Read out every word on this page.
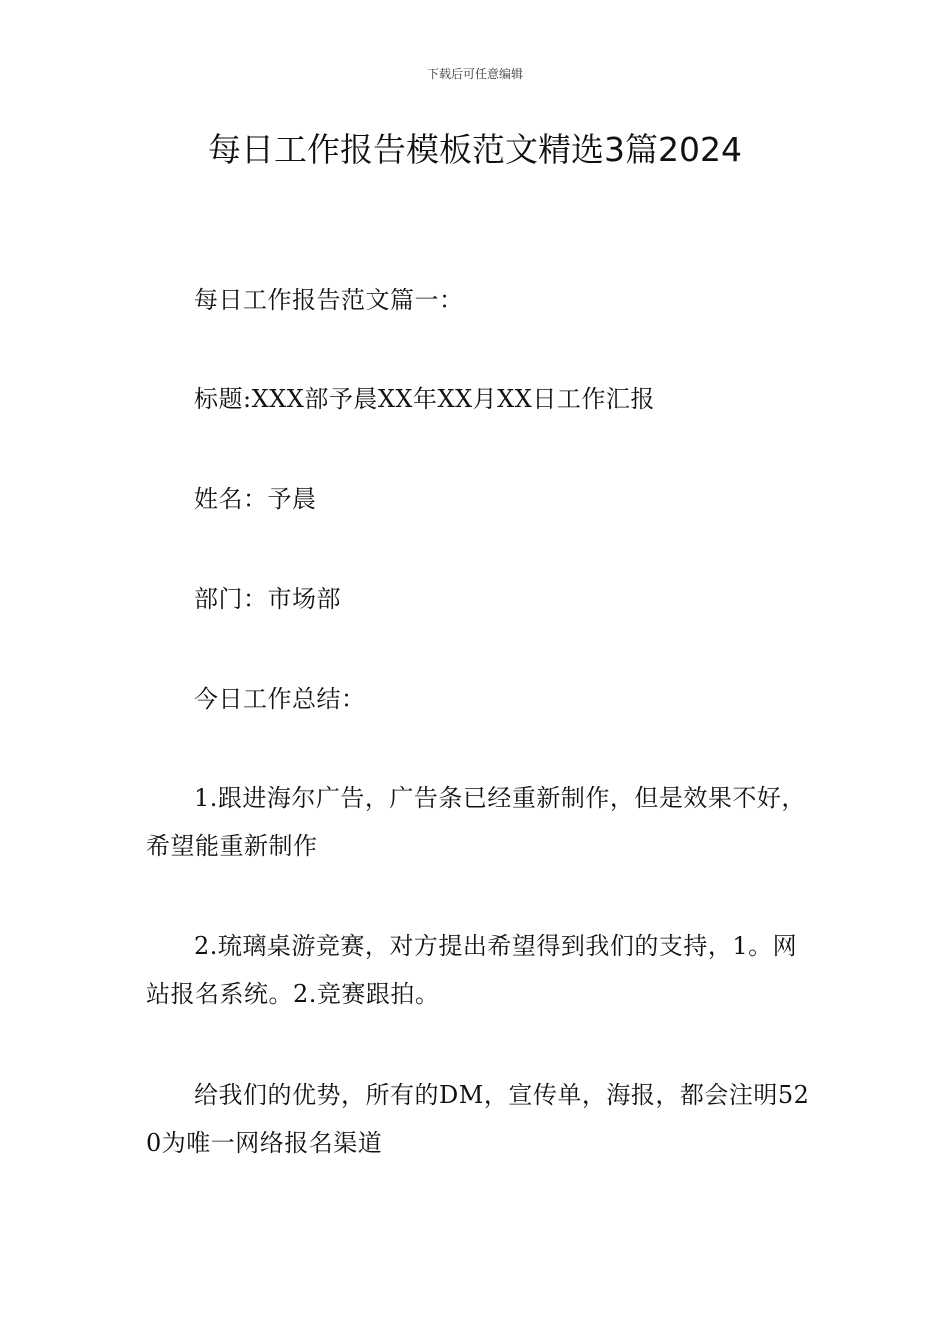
下载后可任意编辑
每日工作报告模板范文精选3篇2024

每日工作报告范文篇一：

标题:XXX部予晨XX年XX月XX日工作汇报

姓名：予晨

部门：市场部

今日工作总结：

1.跟进海尔广告，广告条已经重新制作，但是效果不好，希望能重新制作

2.琉璃桌游竞赛，对方提出希望得到我们的支持，1。网站报名系统。2.竞赛跟拍。

给我们的优势，所有的DM，宣传单，海报，都会注明520为唯一网络报名渠道
